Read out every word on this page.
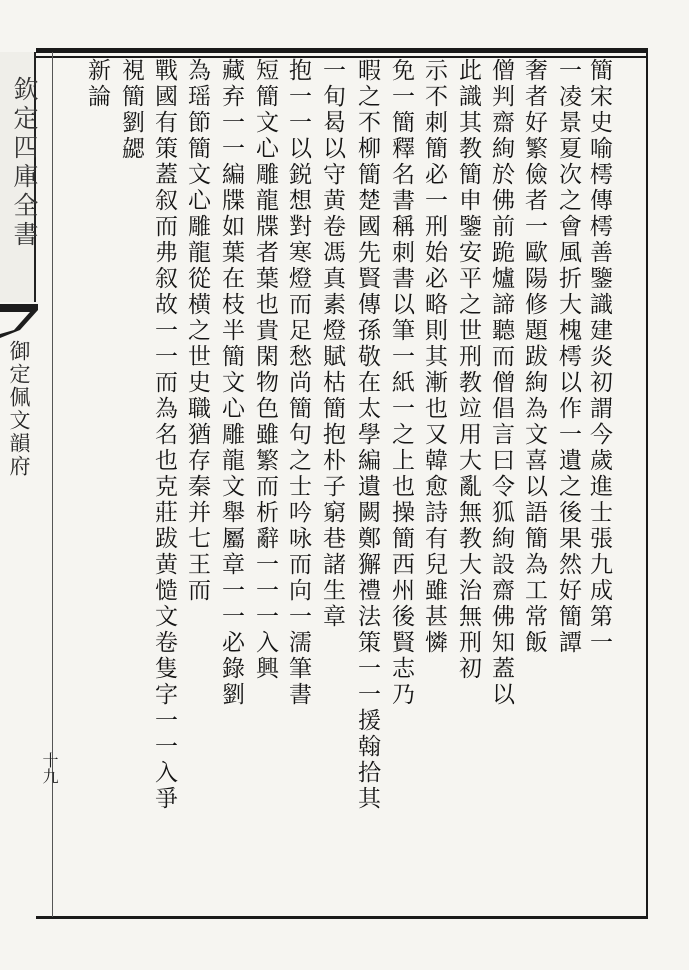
欽定四庫全書
御定佩文韻府
十九
簡宋史喻樗傳樗善鑒識建炎初謂今歲進士張九成第一
一凌景夏次之會風折大槐樗以作一遺之後果然好簡譚
奢者好繁儉者一歐陽修題跋絢為文喜以語簡為工常飯
僧判齋絢於佛前跪爐諦聽而僧倡言曰令狐絢設齋佛知蓋以
此識其教簡申鑒安平之世刑教竝用大亂無教大治無刑初
示不刺簡必一刑始必略則其漸也又韓愈詩有兒雖甚憐
免一簡釋名書稱刺書以筆一紙一之上也操簡西州後賢志乃
暇之不柳簡楚國先賢傳孫敬在太學編遺闕鄭獬禮法策一一援翰拾其
一旬曷以守黄卷馮真素燈賦枯簡抱朴子窮巷諸生章
抱一一以鋭想對寒燈而足愁尚簡句之士吟咏而向一濡筆書
短簡文心雕龍牒者葉也貴閑物色雖繁而析辭一一一入興
藏弃一一編牒如葉在枝半簡文心雕龍文舉屬章一一必錄劉
為瑶節簡文心雕龍從横之世史職猶存秦并七王而
戰國有策蓋叙而弗叙故一一而為名也克莊跋黄慥文卷隻字一一入爭
視簡劉勰
新論
